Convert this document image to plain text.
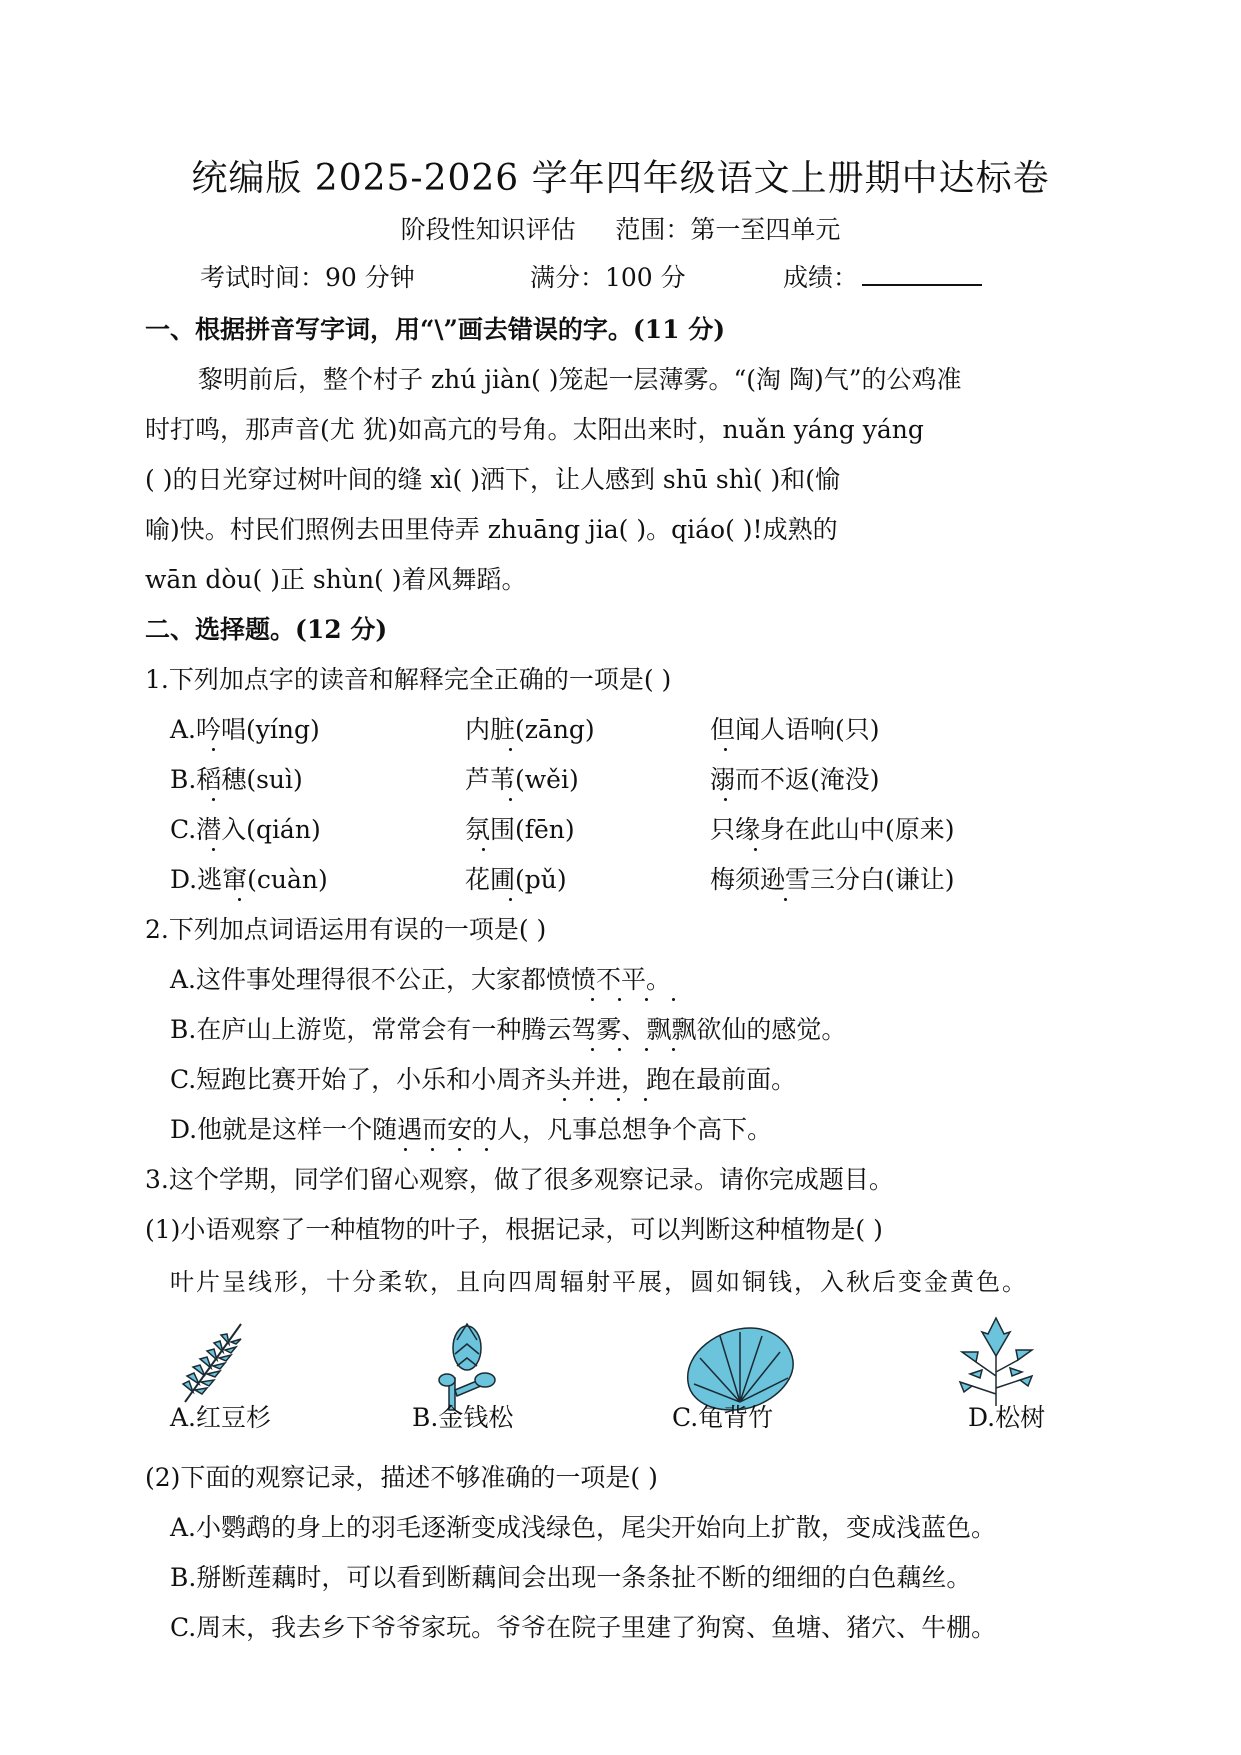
统编版 2025-2026 学年四年级语文上册期中达标卷
阶段性知识评估 范围：第一至四单元
考试时间：90 分钟	满分：100 分	成绩：
一、根据拼音写字词，用“\”画去错误的字。(11 分)
黎明前后，整个村子 zhú jiàn( )笼起一层薄雾。“(淘 陶)气”的公鸡准
时打鸣，那声音(尤 犹)如高亢的号角。太阳出来时，nuǎn yáng yáng
( )的日光穿过树叶间的缝 xì( )洒下，让人感到 shū shì( )和(愉
喻)快。村民们照例去田里侍弄 zhuāng jia( )。qiáo( )!成熟的
wān dòu( )正 shùn( )着风舞蹈。
二、选择题。(12 分)
1.下列加点字的读音和解释完全正确的一项是( )
A.吟唱(yíng)	内脏(zāng)	但闻人语响(只)
B.稻穗(suì)	芦苇(wěi)	溺而不返(淹没)
C.潜入(qián)	氛围(fēn)	只缘身在此山中(原来)
D.逃窜(cuàn)	花圃(pǔ)	梅须逊雪三分白(谦让)
2.下列加点词语运用有误的一项是( )
A.这件事处理得很不公正，大家都愤愤不平。
B.在庐山上游览，常常会有一种腾云驾雾、飘飘欲仙的感觉。
C.短跑比赛开始了，小乐和小周齐头并进，跑在最前面。
D.他就是这样一个随遇而安的人，凡事总想争个高下。
3.这个学期，同学们留心观察，做了很多观察记录。请你完成题目。
(1)小语观察了一种植物的叶子，根据记录，可以判断这种植物是( )
叶片呈线形，十分柔软，且向四周辐射平展，圆如铜钱，入秋后变金黄色。
A.红豆杉	B.金钱松	C.龟背竹	D.松树
(2)下面的观察记录，描述不够准确的一项是( )
A.小鹦鹉的身上的羽毛逐渐变成浅绿色，尾尖开始向上扩散，变成浅蓝色。
B.掰断莲藕时，可以看到断藕间会出现一条条扯不断的细细的白色藕丝。
C.周末，我去乡下爷爷家玩。爷爷在院子里建了狗窝、鱼塘、猪穴、牛棚。
